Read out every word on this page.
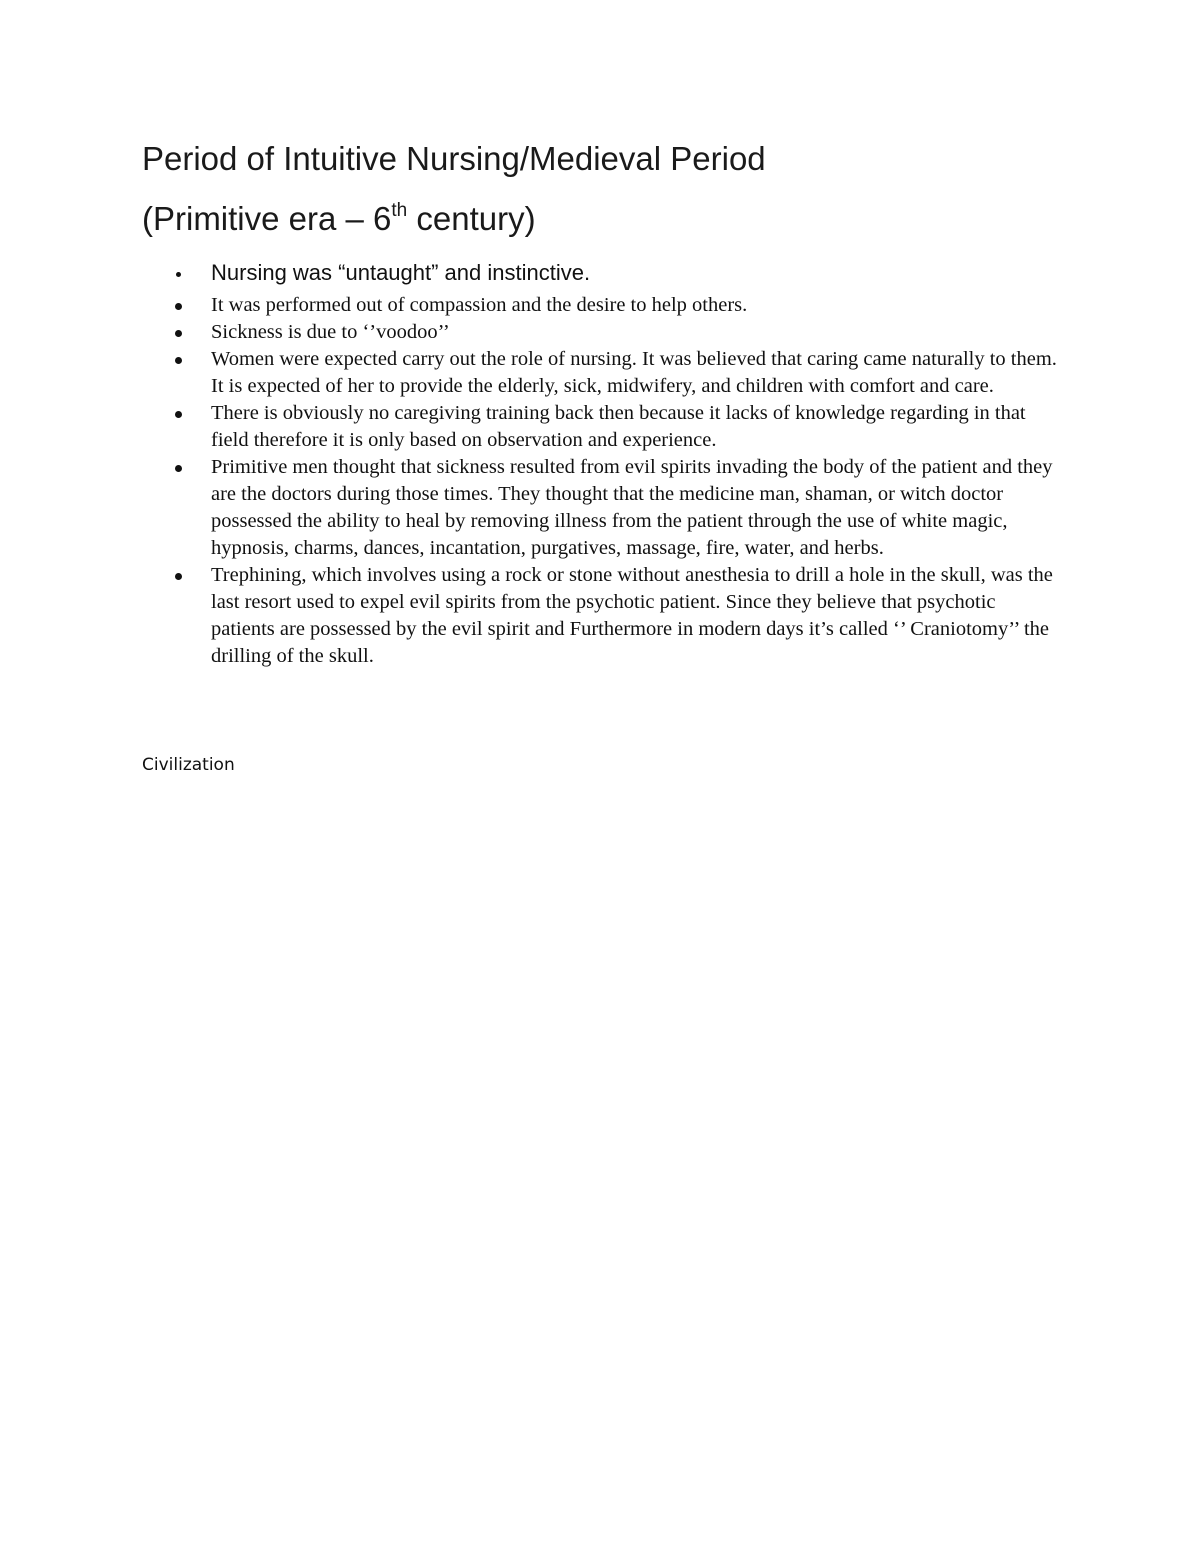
Period of Intuitive Nursing/Medieval Period
(Primitive era – 6th century)
Nursing was “untaught” and instinctive.
It was performed out of compassion and the desire to help others.
Sickness is due to ‘’voodoo’’
Women were expected carry out the role of nursing. It was believed that caring came naturally to them. It is expected of her to provide the elderly, sick, midwifery, and children with comfort and care.
There is obviously no caregiving training back then because it lacks of knowledge regarding in that field therefore it is only based on observation and experience.
Primitive men thought that sickness resulted from evil spirits invading the body of the patient and they are the doctors during those times. They thought that the medicine man, shaman, or witch doctor possessed the ability to heal by removing illness from the patient through the use of white magic, hypnosis, charms, dances, incantation, purgatives, massage, fire, water, and herbs.
Trephining, which involves using a rock or stone without anesthesia to drill a hole in the skull, was the last resort used to expel evil spirits from the psychotic patient. Since they believe that psychotic patients are possessed by the evil spirit and Furthermore in modern days it’s called ‘’ Craniotomy’’ the drilling of the skull.

Civilization
